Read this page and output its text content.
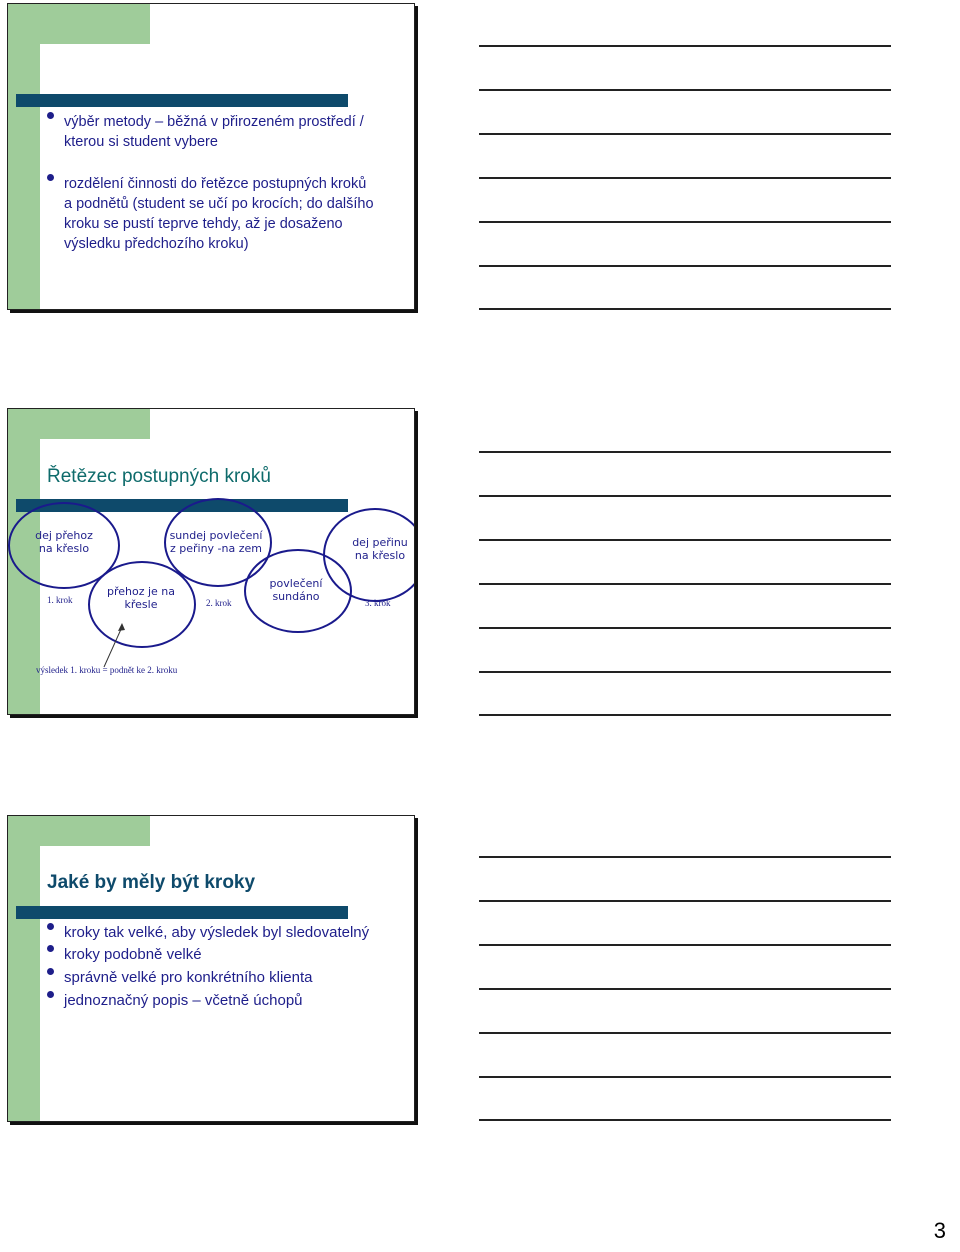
výběr metody – běžná v přirozeném prostředí / kterou si student vybere
rozdělení činnosti do řetězce postupných kroků a podnětů (student se učí po krocích; do dalšího kroku se pustí teprve tehdy, až je dosaženo výsledku předchozího kroku)
Řetězec postupných kroků
dej přehoz na křeslo
sundej povlečení z peřiny -na zem	dej peřinu na křeslo
přehoz je na křesle
povlečení sundáno
1. krok	2. krok	3. krok
výsledek 1. kroku = podnět ke 2. kroku
Jaké by měly být kroky
kroky tak velké, aby výsledek byl sledovatelný
kroky podobně velké
správně velké pro konkrétního klienta
jednoznačný popis – včetně úchopů
3
